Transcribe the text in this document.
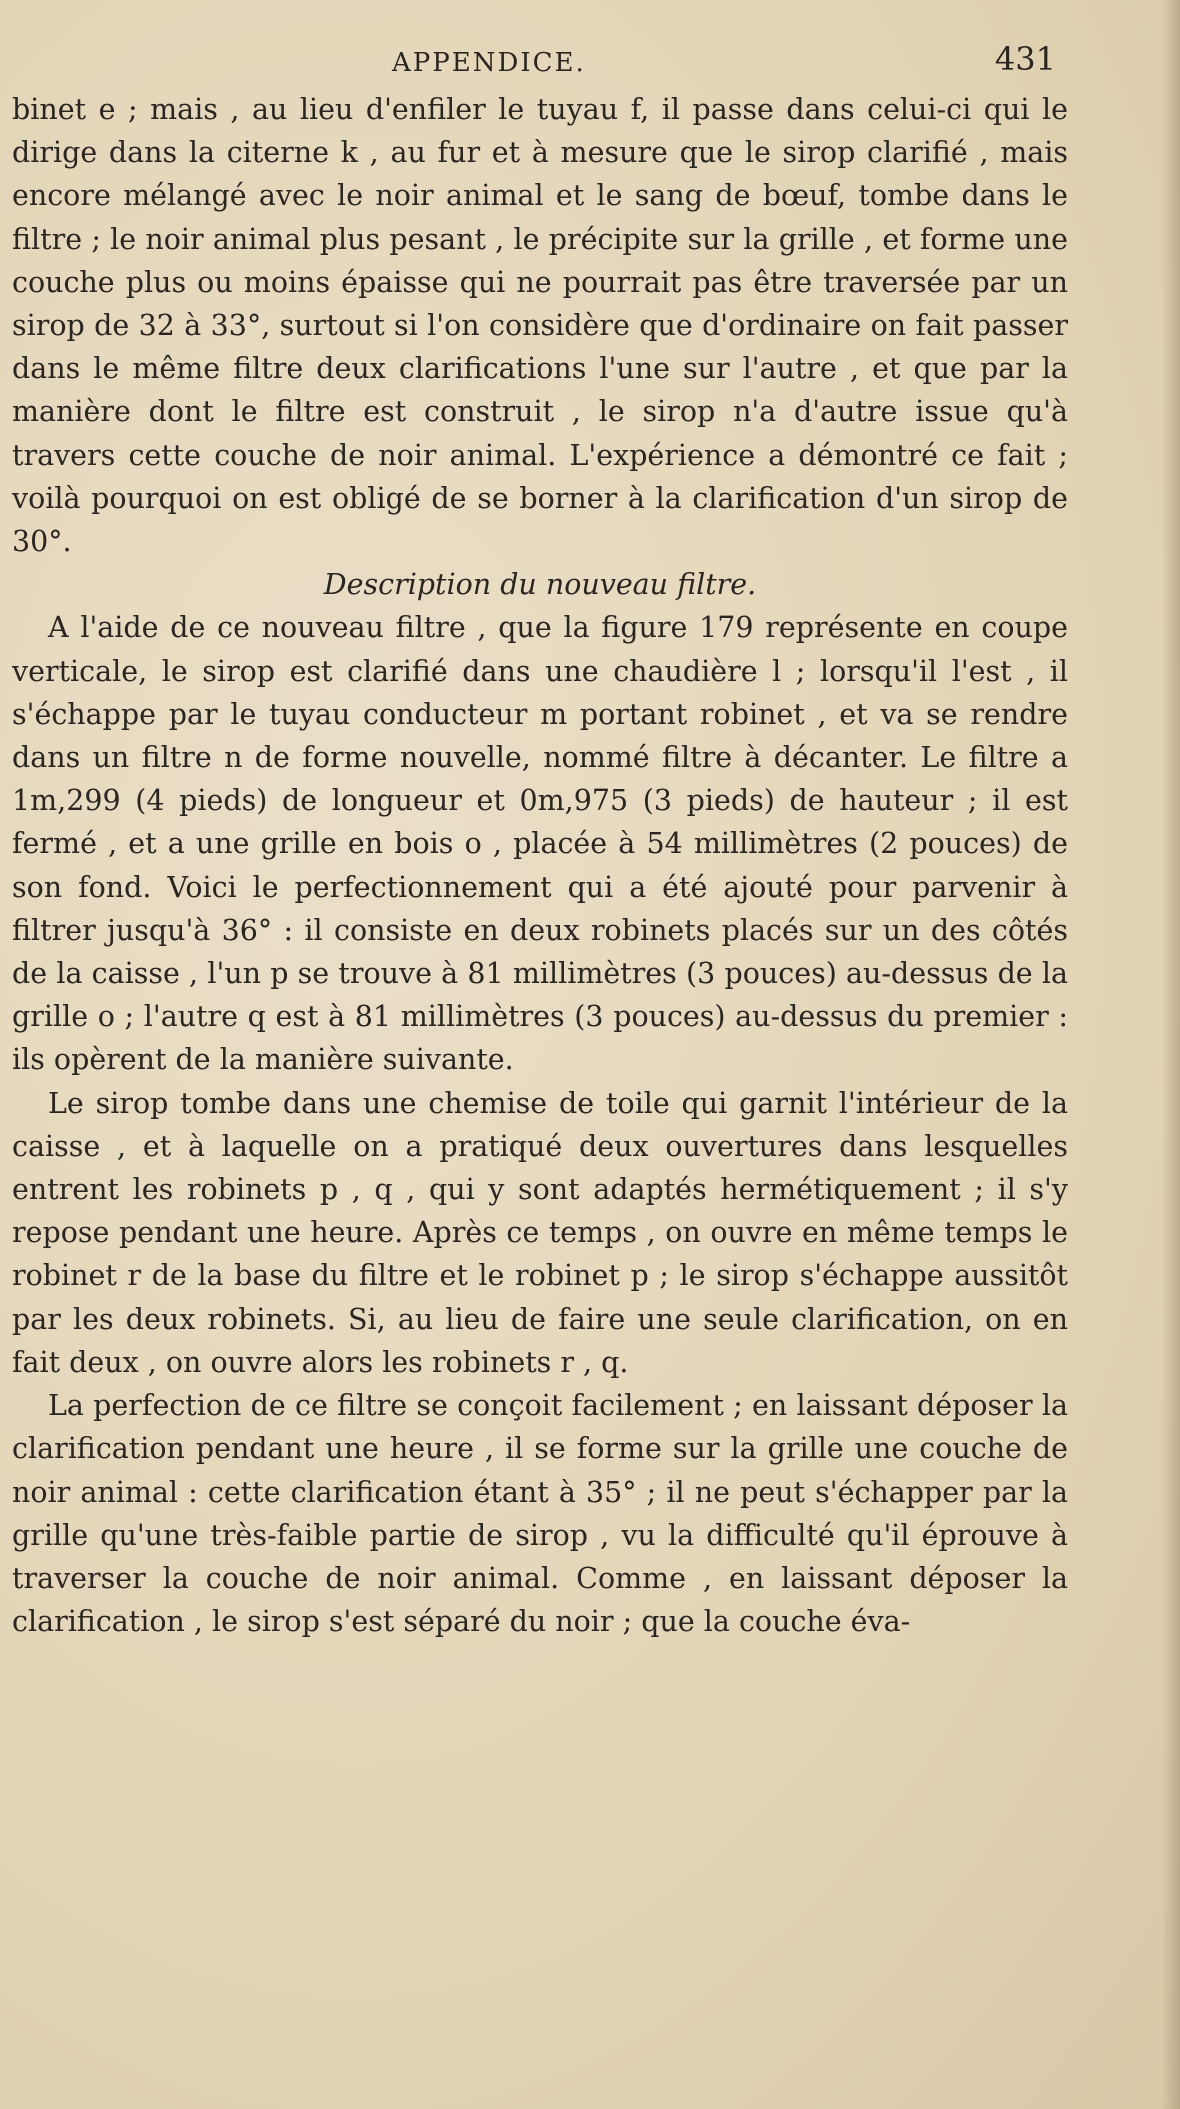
APPENDICE.	431

binet e ; mais , au lieu d'enfiler le tuyau f, il passe dans celui-ci qui le dirige dans la citerne k , au fur et à mesure que le sirop clarifié , mais encore mélangé avec le noir animal et le sang de bœuf, tombe dans le filtre ; le noir animal plus pesant , le précipite sur la grille , et forme une couche plus ou moins épaisse qui ne pourrait pas être traversée par un sirop de 32 à 33°, surtout si l'on considère que d'ordinaire on fait passer dans le même filtre deux clarifications l'une sur l'autre , et que par la manière dont le filtre est construit , le sirop n'a d'autre issue qu'à travers cette couche de noir animal. L'expérience a démontré ce fait ; voilà pourquoi on est obligé de se borner à la clarification d'un sirop de 30°.

Description du nouveau filtre.

A l'aide de ce nouveau filtre , que la figure 179 représente en coupe verticale, le sirop est clarifié dans une chaudière l ; lorsqu'il l'est , il s'échappe par le tuyau conducteur m portant robinet , et va se rendre dans un filtre n de forme nouvelle, nommé filtre à décanter. Le filtre a 1m,299 (4 pieds) de longueur et 0m,975 (3 pieds) de hauteur ; il est fermé , et a une grille en bois o , placée à 54 millimètres (2 pouces) de son fond. Voici le perfectionnement qui a été ajouté pour parvenir à filtrer jusqu'à 36° : il consiste en deux robinets placés sur un des côtés de la caisse , l'un p se trouve à 81 millimètres (3 pouces) au-dessus de la grille o ; l'autre q est à 81 millimètres (3 pouces) au-dessus du premier : ils opèrent de la manière suivante.

Le sirop tombe dans une chemise de toile qui garnit l'intérieur de la caisse , et à laquelle on a pratiqué deux ouvertures dans lesquelles entrent les robinets p , q , qui y sont adaptés hermétiquement ; il s'y repose pendant une heure. Après ce temps , on ouvre en même temps le robinet r de la base du filtre et le robinet p ; le sirop s'échappe aussitôt par les deux robinets. Si, au lieu de faire une seule clarification, on en fait deux , on ouvre alors les robinets r , q.

La perfection de ce filtre se conçoit facilement ; en laissant déposer la clarification pendant une heure , il se forme sur la grille une couche de noir animal : cette clarification étant à 35° ; il ne peut s'échapper par la grille qu'une très-faible partie de sirop , vu la difficulté qu'il éprouve à traverser la couche de noir animal. Comme , en laissant déposer la clarification , le sirop s'est séparé du noir ; que la couche éva-
